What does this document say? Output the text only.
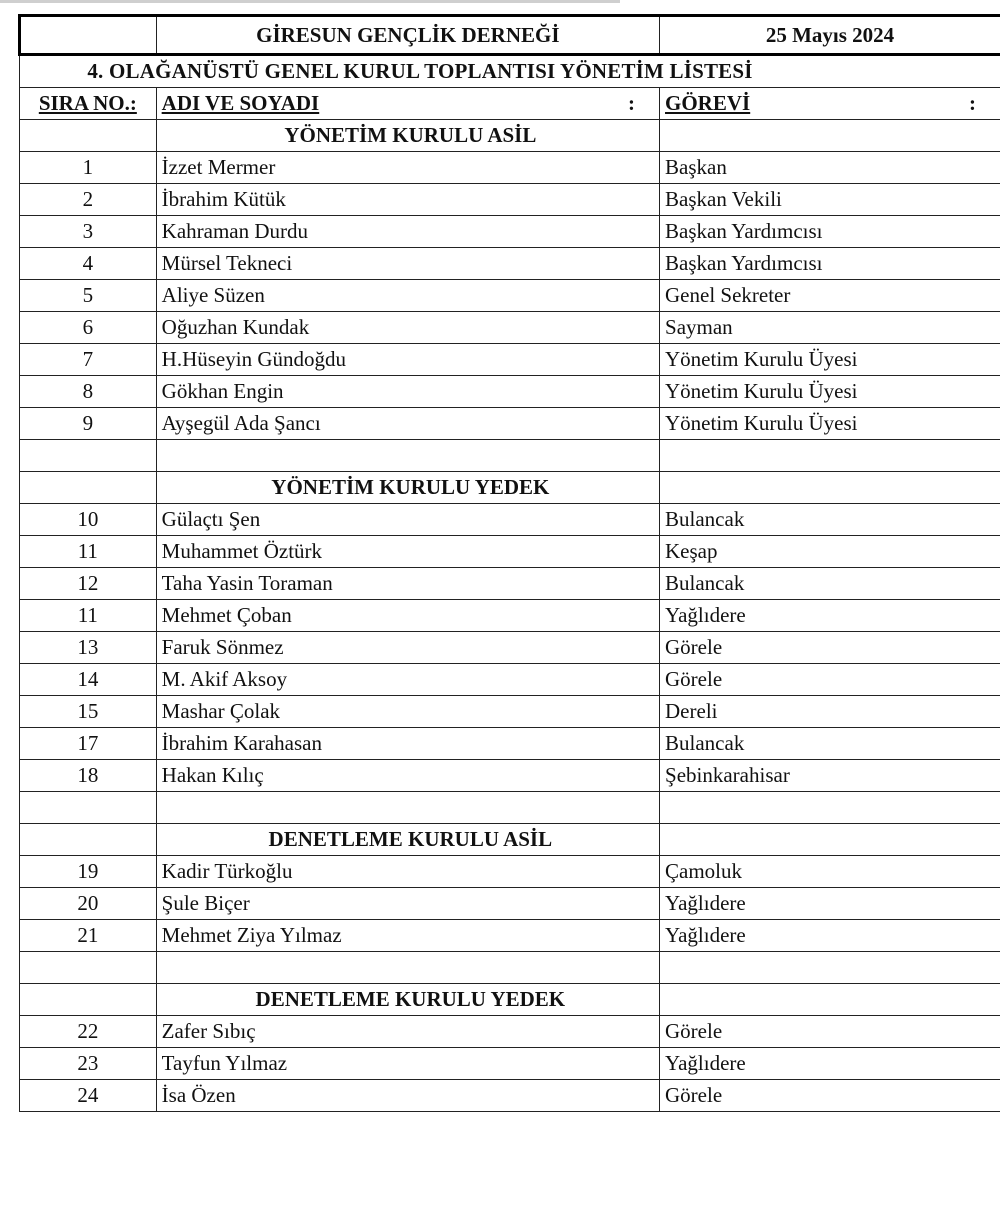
	GİRESUN GENÇLİK DERNEĞİ	25 Mayıs 2024
4. OLAĞANÜSTÜ GENEL KURUL TOPLANTISI YÖNETİM LİSTESİ		
SIRA NO.:	ADI VE SOYADI :	GÖREVİ :

	YÖNETİM KURULU ASİL	
1	İzzet Mermer	Başkan
2	İbrahim Kütük	Başkan Vekili
3	Kahraman Durdu	Başkan Yardımcısı
4	Mürsel Tekneci	Başkan Yardımcısı
5	Aliye Süzen	Genel Sekreter
6	Oğuzhan Kundak	Sayman
7	H.Hüseyin Gündoğdu	Yönetim Kurulu Üyesi
8	Gökhan Engin	Yönetim Kurulu Üyesi
9	Ayşegül Ada Şancı	Yönetim Kurulu Üyesi

	YÖNETİM KURULU YEDEK	
10	Gülaçtı Şen	Bulancak
11	Muhammet Öztürk	Keşap
12	Taha Yasin Toraman	Bulancak
11	Mehmet Çoban	Yağlıdere
13	Faruk Sönmez	Görele
14	M. Akif Aksoy	Görele
15	Mashar Çolak	Dereli
17	İbrahim Karahasan	Bulancak
18	Hakan Kılıç	Şebinkarahisar

	DENETLEME KURULU ASİL	
19	Kadir Türkoğlu	Çamoluk
20	Şule Biçer	Yağlıdere
21	Mehmet Ziya Yılmaz	Yağlıdere

	DENETLEME KURULU YEDEK	
22	Zafer Sıbıç	Görele
23	Tayfun Yılmaz	Yağlıdere
24	İsa Özen	Görele
